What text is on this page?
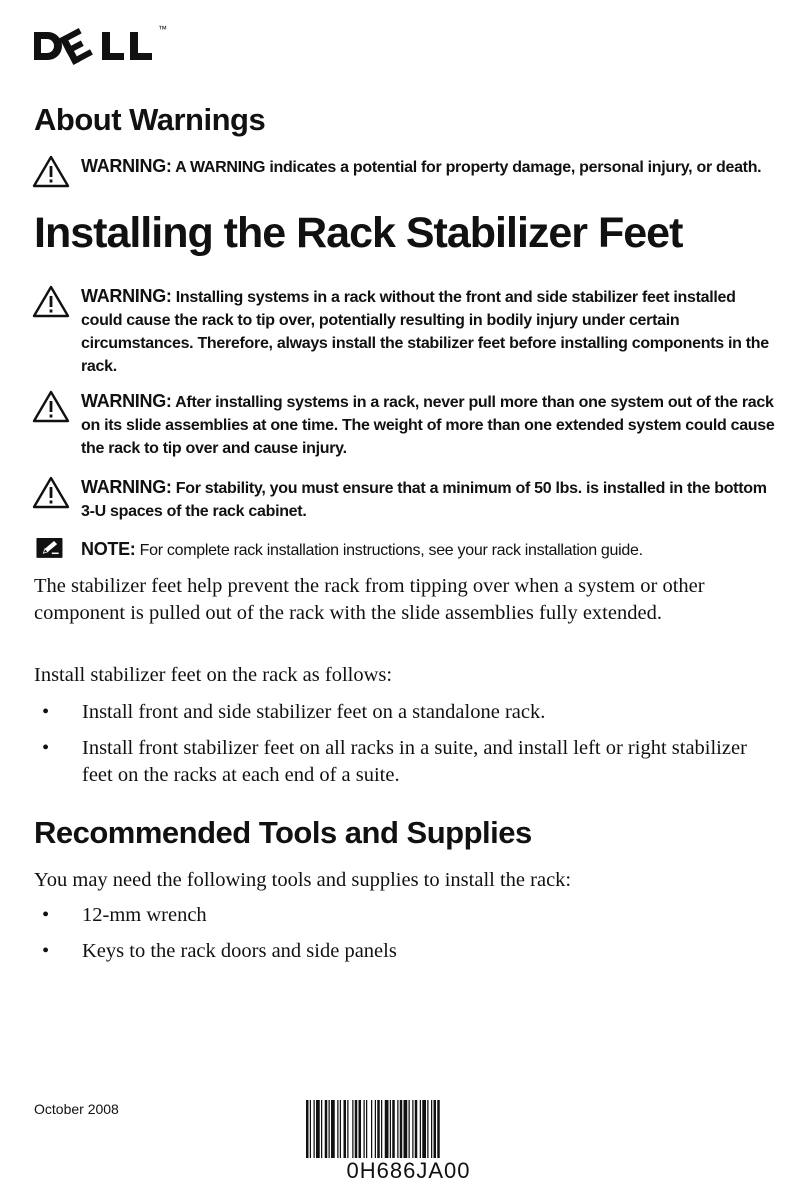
™
About Warnings
WARNING: A WARNING indicates a potential for property damage, personal injury, or death.
Installing the Rack Stabilizer Feet
WARNING: Installing systems in a rack without the front and side stabilizer feet installed could cause the rack to tip over, potentially resulting in bodily injury under certain circumstances. Therefore, always install the stabilizer feet before installing components in the rack.
WARNING: After installing systems in a rack, never pull more than one system out of the rack on its slide assemblies at one time. The weight of more than one extended system could cause the rack to tip over and cause injury.
WARNING: For stability, you must ensure that a minimum of 50 lbs. is installed in the bottom 3-U spaces of the rack cabinet.
NOTE: For complete rack installation instructions, see your rack installation guide.

The stabilizer feet help prevent the rack from tipping over when a system or other component is pulled out of the rack with the slide assemblies fully extended.

Install stabilizer feet on the rack as follows:

• Install front and side stabilizer feet on a standalone rack.
• Install front stabilizer feet on all racks in a suite, and install left or right stabilizer feet on the racks at each end of a suite.
Recommended Tools and Supplies

You may need the following tools and supplies to install the rack:

• 12-mm wrench
• Keys to the rack doors and side panels
October 2008
0H686JA00
